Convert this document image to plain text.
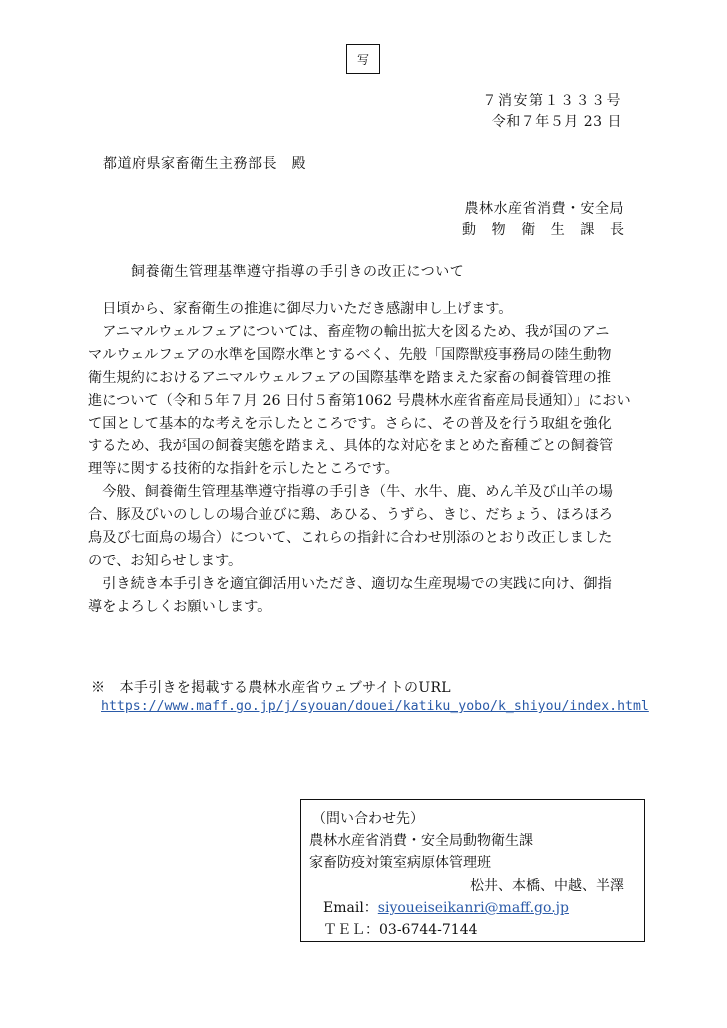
写
７消安第１３３３号
令和７年５月 23 日
都道府県家畜衛生主務部長　殿
農林水産省消費・安全局
動 物 衛 生 課 長
飼養衛生管理基準遵守指導の手引きの改正について

　日頃から、家畜衛生の推進に御尽力いただき感謝申し上げます。

　アニマルウェルフェアについては、畜産物の輸出拡大を図るため、我が国のアニ

マルウェルフェアの水準を国際水準とするべく、先般「国際獣疫事務局の陸生動物

衛生規約におけるアニマルウェルフェアの国際基準を踏まえた家畜の飼養管理の推

進について（令和５年７月 26 日付５畜第1062 号農林水産省畜産局長通知）」におい

て国として基本的な考えを示したところです。さらに、その普及を行う取組を強化

するため、我が国の飼養実態を踏まえ、具体的な対応をまとめた畜種ごとの飼養管

理等に関する技術的な指針を示したところです。

　今般、飼養衛生管理基準遵守指導の手引き（牛、水牛、鹿、めん羊及び山羊の場

合、豚及びいのししの場合並びに鶏、あひる、うずら、きじ、だちょう、ほろほろ

鳥及び七面鳥の場合）について、これらの指針に合わせ別添のとおり改正しました

ので、お知らせします。

　引き続き本手引きを適宜御活用いただき、適切な生産現場での実践に向け、御指

導をよろしくお願いします。

※　本手引きを掲載する農林水産省ウェブサイトのURL
https://www.maff.go.jp/j/syouan/douei/katiku_yobo/k_shiyou/index.html
（問い合わせ先）
農林水産省消費・安全局動物衛生課
家畜防疫対策室病原体管理班
松井、本橋、中越、半澤
Email：siyoueiseikanri@maff.go.jp
ＴＥＬ：03-6744-7144
